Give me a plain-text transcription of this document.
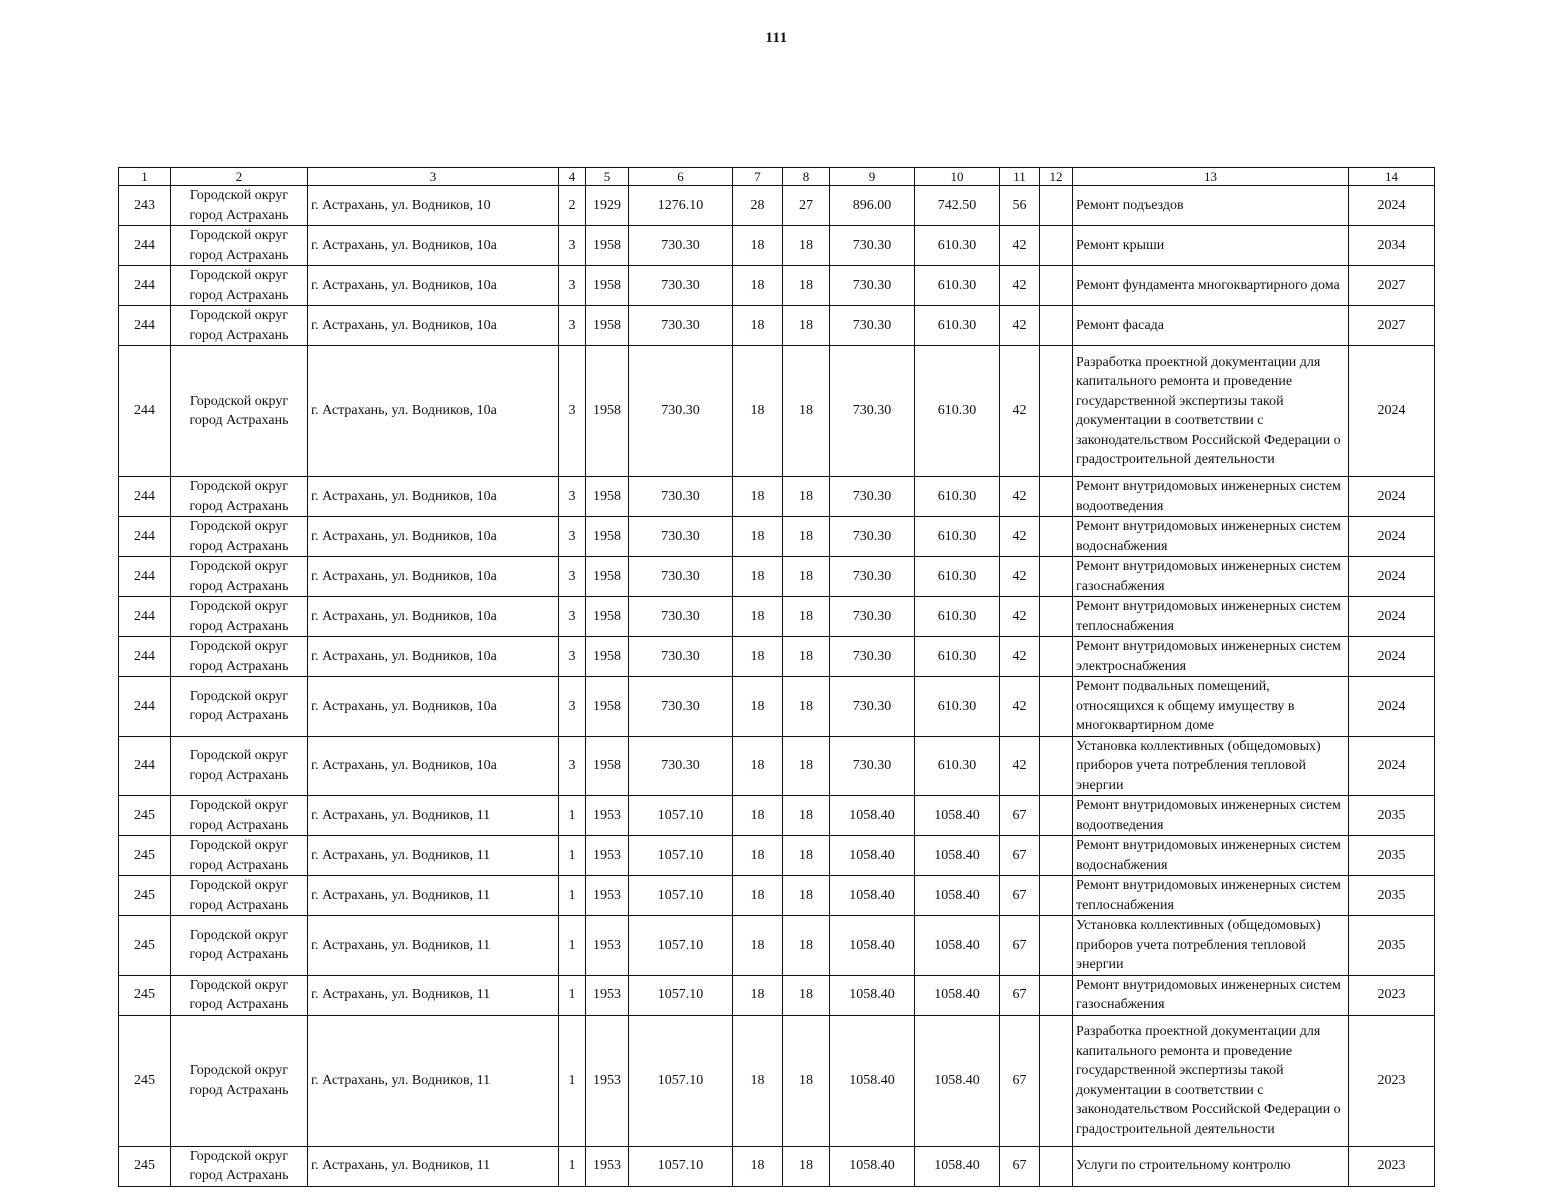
111
1	2	3	4	5	6	7	8	9	10	11	12	13	14
243	Городской округ город Астрахань	г. Астрахань, ул. Водников, 10	2	1929	1276.10	28	27	896.00	742.50	56		Ремонт подъездов	2024
244	Городской округ город Астрахань	г. Астрахань, ул. Водников, 10а	3	1958	730.30	18	18	730.30	610.30	42		Ремонт крыши	2034
244	Городской округ город Астрахань	г. Астрахань, ул. Водников, 10а	3	1958	730.30	18	18	730.30	610.30	42		Ремонт фундамента многоквартирного дома	2027
244	Городской округ город Астрахань	г. Астрахань, ул. Водников, 10а	3	1958	730.30	18	18	730.30	610.30	42		Ремонт фасада	2027
244	Городской округ город Астрахань	г. Астрахань, ул. Водников, 10а	3	1958	730.30	18	18	730.30	610.30	42		Разработка проектной документации для капитального ремонта и проведение государственной экспертизы такой документации в соответствии с законодательством Российской Федерации о градостроительной деятельности	2024
244	Городской округ город Астрахань	г. Астрахань, ул. Водников, 10а	3	1958	730.30	18	18	730.30	610.30	42		Ремонт внутридомовых инженерных систем водоотведения	2024
244	Городской округ город Астрахань	г. Астрахань, ул. Водников, 10а	3	1958	730.30	18	18	730.30	610.30	42		Ремонт внутридомовых инженерных систем водоснабжения	2024
244	Городской округ город Астрахань	г. Астрахань, ул. Водников, 10а	3	1958	730.30	18	18	730.30	610.30	42		Ремонт внутридомовых инженерных систем газоснабжения	2024
244	Городской округ город Астрахань	г. Астрахань, ул. Водников, 10а	3	1958	730.30	18	18	730.30	610.30	42		Ремонт внутридомовых инженерных систем теплоснабжения	2024
244	Городской округ город Астрахань	г. Астрахань, ул. Водников, 10а	3	1958	730.30	18	18	730.30	610.30	42		Ремонт внутридомовых инженерных систем электроснабжения	2024
244	Городской округ город Астрахань	г. Астрахань, ул. Водников, 10а	3	1958	730.30	18	18	730.30	610.30	42		Ремонт подвальных помещений, относящихся к общему имуществу в многоквартирном доме	2024
244	Городской округ город Астрахань	г. Астрахань, ул. Водников, 10а	3	1958	730.30	18	18	730.30	610.30	42		Установка коллективных (общедомовых) приборов учета потребления тепловой энергии	2024
245	Городской округ город Астрахань	г. Астрахань, ул. Водников, 11	1	1953	1057.10	18	18	1058.40	1058.40	67		Ремонт внутридомовых инженерных систем водоотведения	2035
245	Городской округ город Астрахань	г. Астрахань, ул. Водников, 11	1	1953	1057.10	18	18	1058.40	1058.40	67		Ремонт внутридомовых инженерных систем водоснабжения	2035
245	Городской округ город Астрахань	г. Астрахань, ул. Водников, 11	1	1953	1057.10	18	18	1058.40	1058.40	67		Ремонт внутридомовых инженерных систем теплоснабжения	2035
245	Городской округ город Астрахань	г. Астрахань, ул. Водников, 11	1	1953	1057.10	18	18	1058.40	1058.40	67		Установка коллективных (общедомовых) приборов учета потребления тепловой энергии	2035
245	Городской округ город Астрахань	г. Астрахань, ул. Водников, 11	1	1953	1057.10	18	18	1058.40	1058.40	67		Ремонт внутридомовых инженерных систем газоснабжения	2023
245	Городской округ город Астрахань	г. Астрахань, ул. Водников, 11	1	1953	1057.10	18	18	1058.40	1058.40	67		Разработка проектной документации для капитального ремонта и проведение государственной экспертизы такой документации в соответствии с законодательством Российской Федерации о градостроительной деятельности	2023
245	Городской округ город Астрахань	г. Астрахань, ул. Водников, 11	1	1953	1057.10	18	18	1058.40	1058.40	67		Услуги по строительному контролю	2023
